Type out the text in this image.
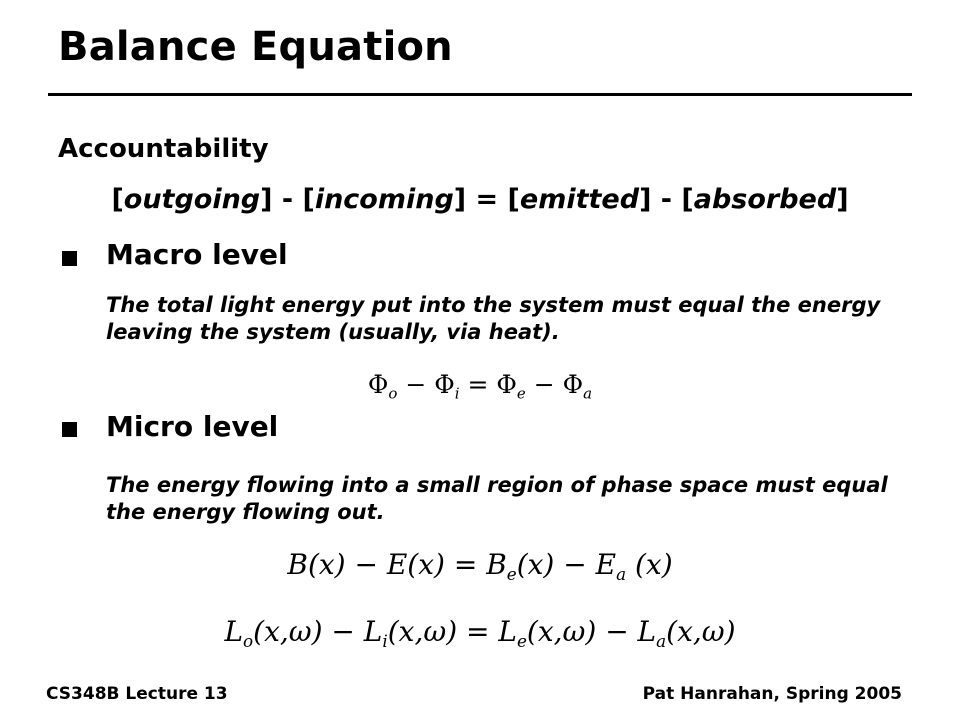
Balance Equation
Accountability
[outgoing] - [incoming] = [emitted] - [absorbed]
Macro level
The total light energy put into the system must equal the energy leaving the system (usually, via heat).
$\Phi_o - \Phi_i = \Phi_e - \Phi_a$
Micro level
The energy flowing into a small region of phase space must equal the energy flowing out.
$B(x) - E(x) = B_e(x) - E_a$ (x)
$L_o(x,\omega) - L_i(x,\omega) = L_e(x,\omega) - L_a(x,\omega)$
CS348B Lecture 13	Pat Hanrahan, Spring 2005
